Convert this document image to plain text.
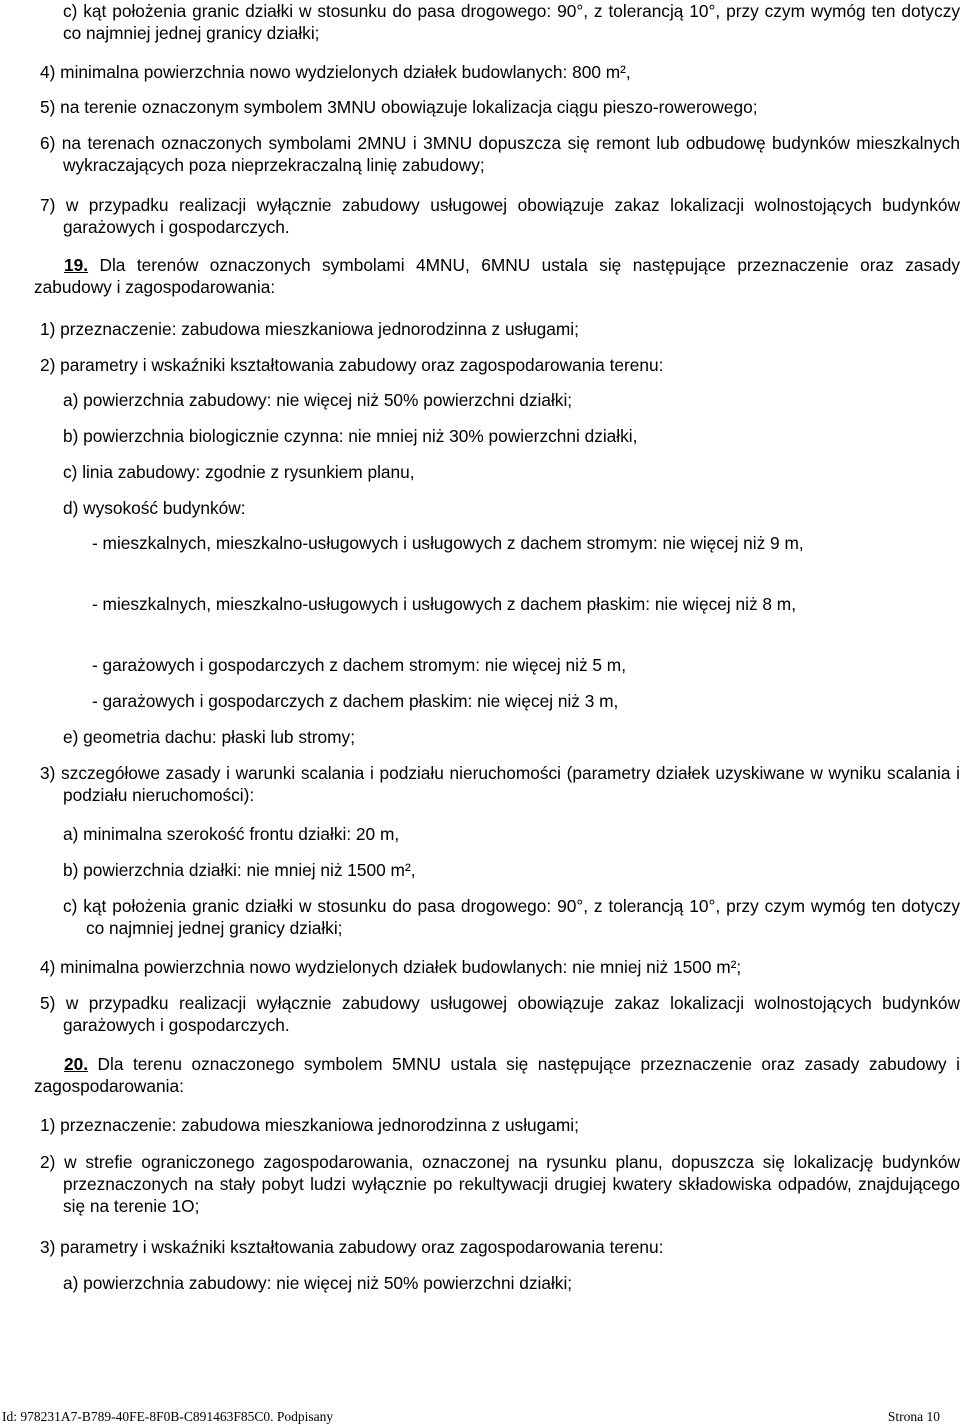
c) kąt położenia granic działki w stosunku do pasa drogowego: 90°, z tolerancją 10°, przy czym wymóg ten dotyczy co najmniej jednej granicy działki;

4) minimalna powierzchnia nowo wydzielonych działek budowlanych: 800 m²,

5) na terenie oznaczonym symbolem 3MNU obowiązuje lokalizacja ciągu pieszo-rowerowego;

6) na terenach oznaczonych symbolami 2MNU i 3MNU dopuszcza się remont lub odbudowę budynków mieszkalnych wykraczających poza nieprzekraczalną linię zabudowy;

7) w przypadku realizacji wyłącznie zabudowy usługowej obowiązuje zakaz lokalizacji wolnostojących budynków garażowych i gospodarczych.

19. Dla terenów oznaczonych symbolami 4MNU, 6MNU ustala się następujące przeznaczenie oraz zasady zabudowy i zagospodarowania:

1) przeznaczenie: zabudowa mieszkaniowa jednorodzinna z usługami;

2) parametry i wskaźniki kształtowania zabudowy oraz zagospodarowania terenu:

a) powierzchnia zabudowy: nie więcej niż 50% powierzchni działki;

b) powierzchnia biologicznie czynna: nie mniej niż 30% powierzchni działki,

c) linia zabudowy: zgodnie z rysunkiem planu,

d) wysokość budynków:

- mieszkalnych, mieszkalno-usługowych i usługowych z dachem stromym: nie więcej niż 9 m,

- mieszkalnych, mieszkalno-usługowych i usługowych z dachem płaskim: nie więcej niż 8 m,

- garażowych i gospodarczych z dachem stromym: nie więcej niż 5 m,

- garażowych i gospodarczych z dachem płaskim: nie więcej niż 3 m,

e) geometria dachu: płaski lub stromy;

3) szczegółowe zasady i warunki scalania i podziału nieruchomości (parametry działek uzyskiwane w wyniku scalania i podziału nieruchomości):

a) minimalna szerokość frontu działki: 20 m,

b) powierzchnia działki: nie mniej niż 1500 m²,

c) kąt położenia granic działki w stosunku do pasa drogowego: 90°, z tolerancją 10°, przy czym wymóg ten dotyczy co najmniej jednej granicy działki;

4) minimalna powierzchnia nowo wydzielonych działek budowlanych: nie mniej niż 1500 m²;

5) w przypadku realizacji wyłącznie zabudowy usługowej obowiązuje zakaz lokalizacji wolnostojących budynków garażowych i gospodarczych.

20. Dla terenu oznaczonego symbolem 5MNU ustala się następujące przeznaczenie oraz zasady zabudowy i zagospodarowania:

1) przeznaczenie: zabudowa mieszkaniowa jednorodzinna z usługami;

2) w strefie ograniczonego zagospodarowania, oznaczonej na rysunku planu, dopuszcza się lokalizację budynków przeznaczonych na stały pobyt ludzi wyłącznie po rekultywacji drugiej kwatery składowiska odpadów, znajdującego się na terenie 1O;

3) parametry i wskaźniki kształtowania zabudowy oraz zagospodarowania terenu:

a) powierzchnia zabudowy: nie więcej niż 50% powierzchni działki;

Id: 978231A7-B789-40FE-8F0B-C891463F85C0. Podpisany	Strona 10
